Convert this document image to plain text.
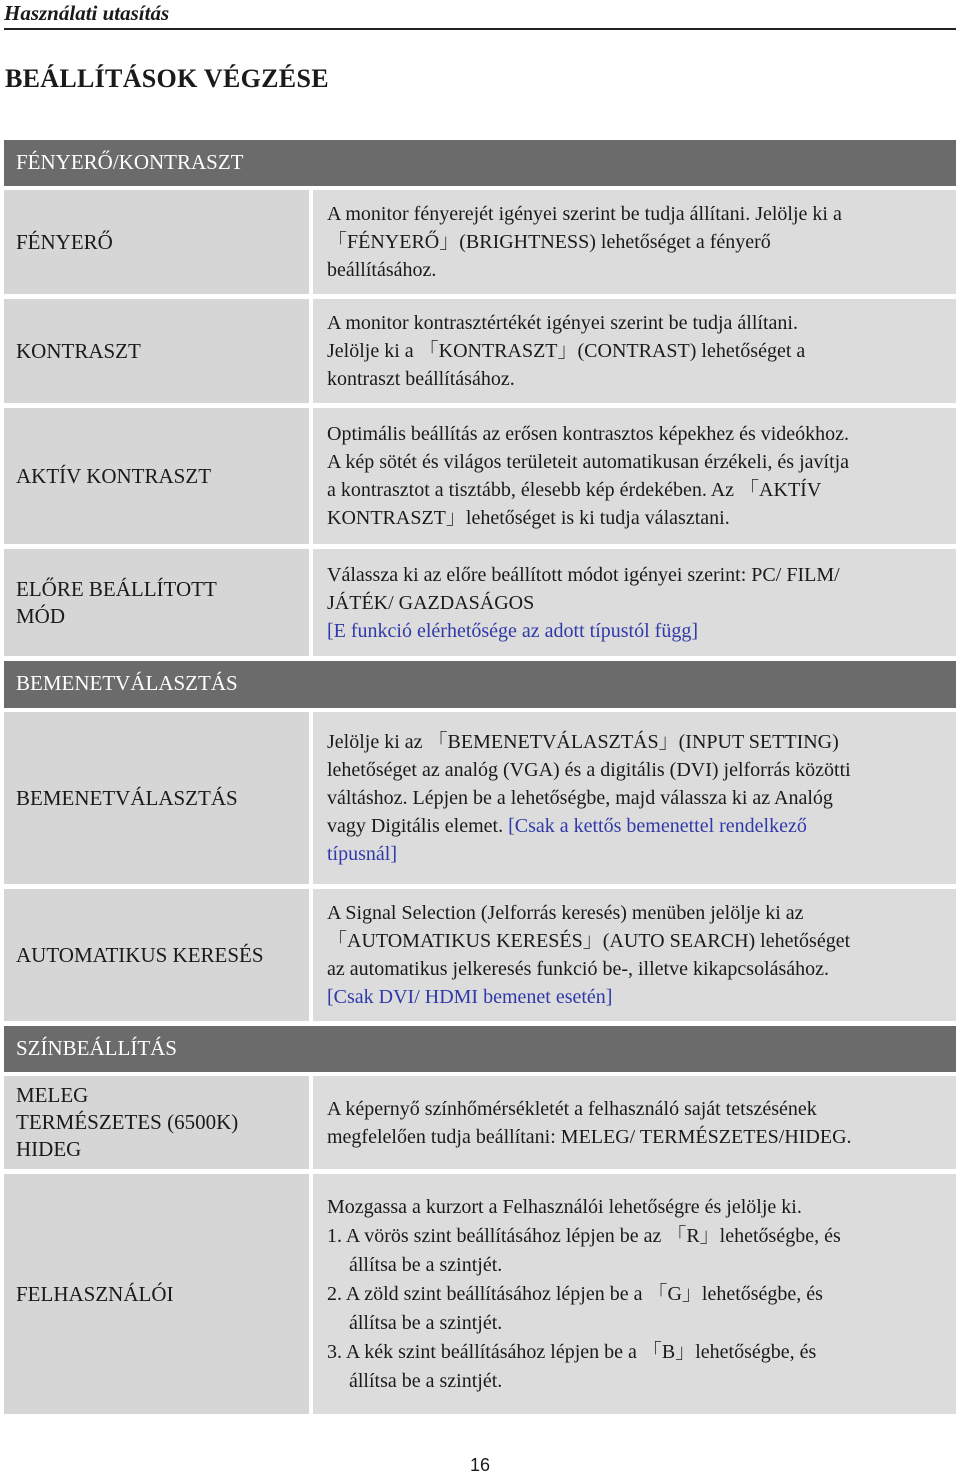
Használati utasítás
BEÁLLÍTÁSOK VÉGZÉSE
FÉNYERŐ/KONTRASZT
FÉNYERŐ
A monitor fényerejét igényei szerint be tudja állítani. Jelölje ki a
「FÉNYERŐ」(BRIGHTNESS) lehetőséget a fényerő
beállításához.
KONTRASZT
A monitor kontrasztértékét igényei szerint be tudja állítani.
Jelölje ki a 「KONTRASZT」(CONTRAST) lehetőséget a
kontraszt beállításához.
AKTÍV KONTRASZT
Optimális beállítás az erősen kontrasztos képekhez és videókhoz.
A kép sötét és világos területeit automatikusan érzékeli, és javítja
a kontrasztot a tisztább, élesebb kép érdekében. Az 「AKTÍV
KONTRASZT」lehetőséget is ki tudja választani.
ELŐRE BEÁLLÍTOTT
MÓD
Válassza ki az előre beállított módot igényei szerint: PC/ FILM/
JÁTÉK/ GAZDASÁGOS
[E funkció elérhetősége az adott típustól függ]
BEMENETVÁLASZTÁS
BEMENETVÁLASZTÁS
Jelölje ki az 「BEMENETVÁLASZTÁS」(INPUT SETTING)
lehetőséget az analóg (VGA) és a digitális (DVI) jelforrás közötti
váltáshoz. Lépjen be a lehetőségbe, majd válassza ki az Analóg
vagy Digitális elemet. [Csak a kettős bemenettel rendelkező
típusnál]
AUTOMATIKUS KERESÉS
A Signal Selection (Jelforrás keresés) menüben jelölje ki az
「AUTOMATIKUS KERESÉS」(AUTO SEARCH) lehetőséget
az automatikus jelkeresés funkció be-, illetve kikapcsolásához.
[Csak DVI/ HDMI bemenet esetén]
SZÍNBEÁLLÍTÁS
MELEG
TERMÉSZETES (6500K)
HIDEG
A képernyő színhőmérsékletét a felhasználó saját tetszésének
megfelelően tudja beállítani: MELEG/ TERMÉSZETES/HIDEG.
FELHASZNÁLÓI
Mozgassa a kurzort a Felhasználói lehetőségre és jelölje ki.
1. A vörös szint beállításához lépjen be az 「R」lehetőségbe, és
állítsa be a szintjét.
2. A zöld szint beállításához lépjen be a 「G」lehetőségbe, és
állítsa be a szintjét.
3. A kék szint beállításához lépjen be a 「B」lehetőségbe, és
állítsa be a szintjét.
16
